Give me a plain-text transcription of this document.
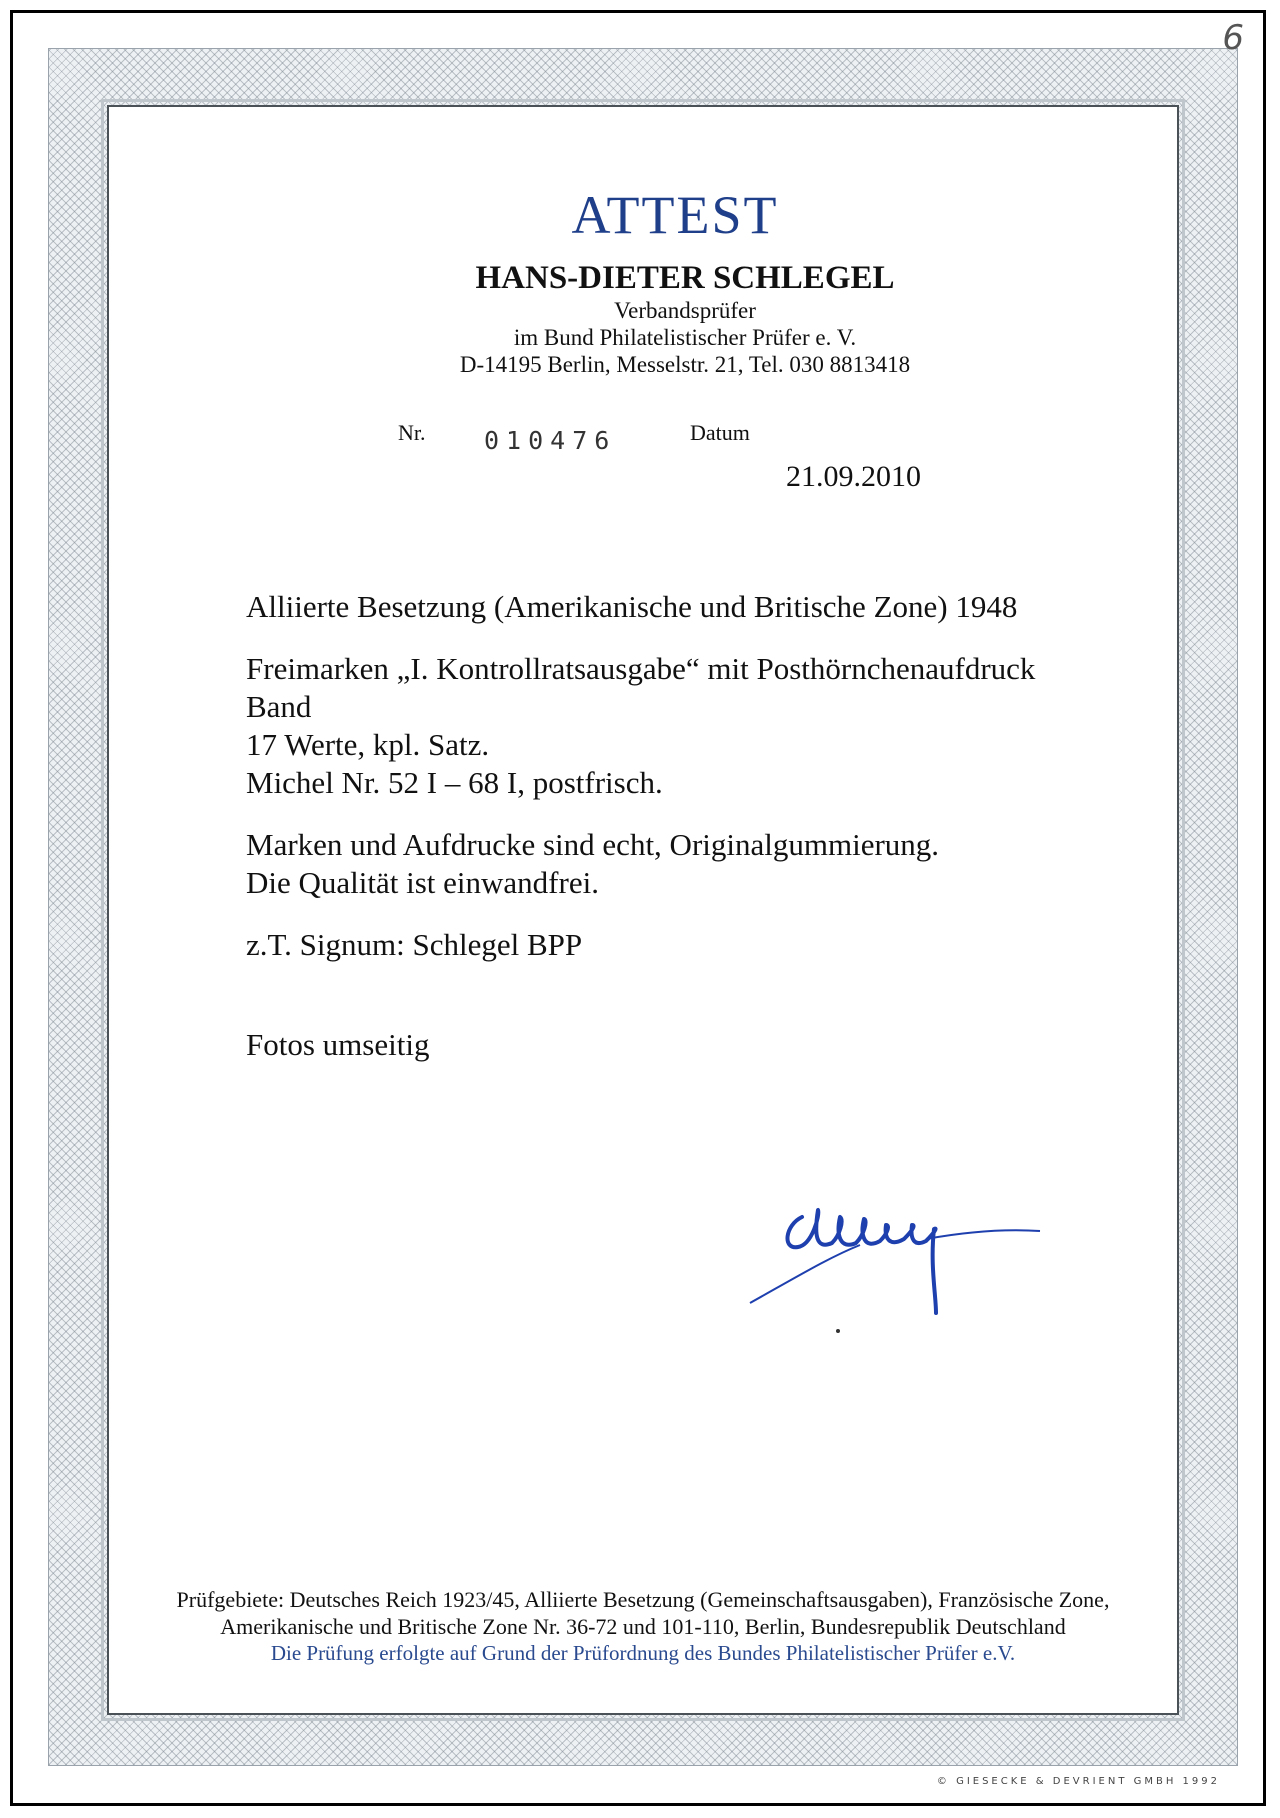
6
ATTEST
HANS-DIETER SCHLEGEL
Verbandsprüfer
im Bund Philatelistischer Prüfer e. V.
D-14195 Berlin, Messelstr. 21, Tel. 030 8813418
Nr. 010476	Datum
21.09.2010

Alliierte Besetzung (Amerikanische und Britische Zone) 1948

Freimarken „I. Kontrollratsausgabe“ mit Posthörnchenaufdruck

Band

17 Werte, kpl. Satz.

Michel Nr. 52 I – 68 I, postfrisch.

Marken und Aufdrucke sind echt, Originalgummierung.

Die Qualität ist einwandfrei.

z.T. Signum: Schlegel BPP

Fotos umseitig

Prüfgebiete: Deutsches Reich 1923/45, Alliierte Besetzung (Gemeinschaftsausgaben), Französische Zone,
Amerikanische und Britische Zone Nr. 36-72 und 101-110, Berlin, Bundesrepublik Deutschland
Die Prüfung erfolgte auf Grund der Prüfordnung des Bundes Philatelistischer Prüfer e.V.
© GIESECKE & DEVRIENT GMBH 1992
